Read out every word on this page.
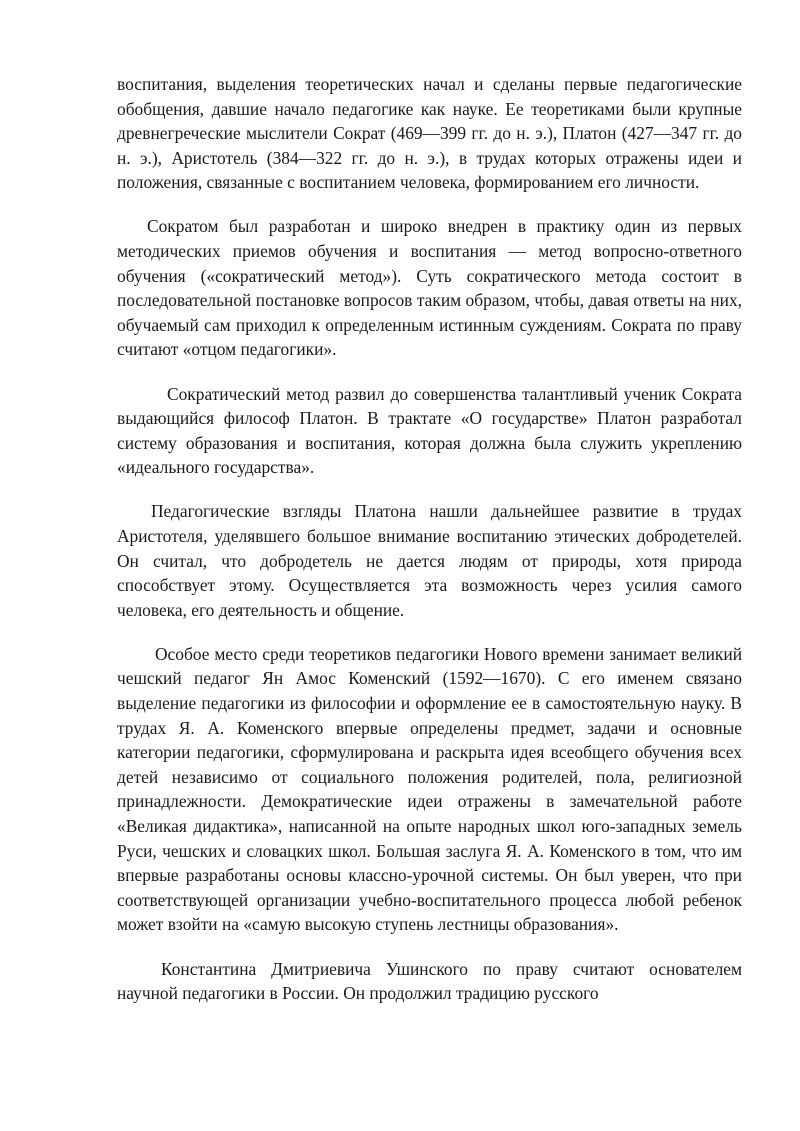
воспитания, выделения теоретических начал и сделаны первые педагогические обобщения, давшие начало педагогике как науке. Ее теоретиками были крупные древнегреческие мыслители Сократ (469—399 гг. до н. э.), Платон (427—347 гг. до н. э.), Аристотель (384—322 гг. до н. э.), в трудах которых отражены идеи и положения, связанные с воспитанием человека, формированием его личности.

Сократом был разработан и широко внедрен в практику один из первых методических приемов обучения и воспитания — метод вопросно-ответного обучения («сократический метод»). Суть сократического метода состоит в последовательной постановке вопросов таким образом, чтобы, давая ответы на них, обучаемый сам приходил к определенным истинным суждениям. Сократа по праву считают «отцом педагогики».

Сократический метод развил до совершенства талантливый ученик Сократа выдающийся философ Платон. В трактате «О государстве» Платон разработал систему образования и воспитания, которая должна была служить укреплению «идеального государства».

Педагогические взгляды Платона нашли дальнейшее развитие в трудах Аристотеля, уделявшего большое внимание воспитанию этических добродетелей. Он считал, что добродетель не дается людям от природы, хотя природа способствует этому. Осуществляется эта возможность через усилия самого человека, его деятельность и общение.

Особое место среди теоретиков педагогики Нового времени занимает великий чешский педагог Ян Амос Коменский (1592—1670). С его именем связано выделение педагогики из философии и оформление ее в самостоятельную науку. В трудах Я. А. Коменского впервые определены предмет, задачи и основные категории педагогики, сформулирована и раскрыта идея всеобщего обучения всех детей независимо от социального положения родителей, пола, религиозной принадлежности. Демократические идеи отражены в замечательной работе «Великая дидактика», написанной на опыте народных школ юго-западных земель Руси, чешских и словацких школ. Большая заслуга Я. А. Коменского в том, что им впервые разработаны основы классно-урочной системы. Он был уверен, что при соответствующей организации учебно-воспитательного процесса любой ребенок может взойти на «самую высокую ступень лестницы образования».

Константина Дмитриевича Ушинского по праву считают основателем научной педагогики в России. Он продолжил традицию русского
